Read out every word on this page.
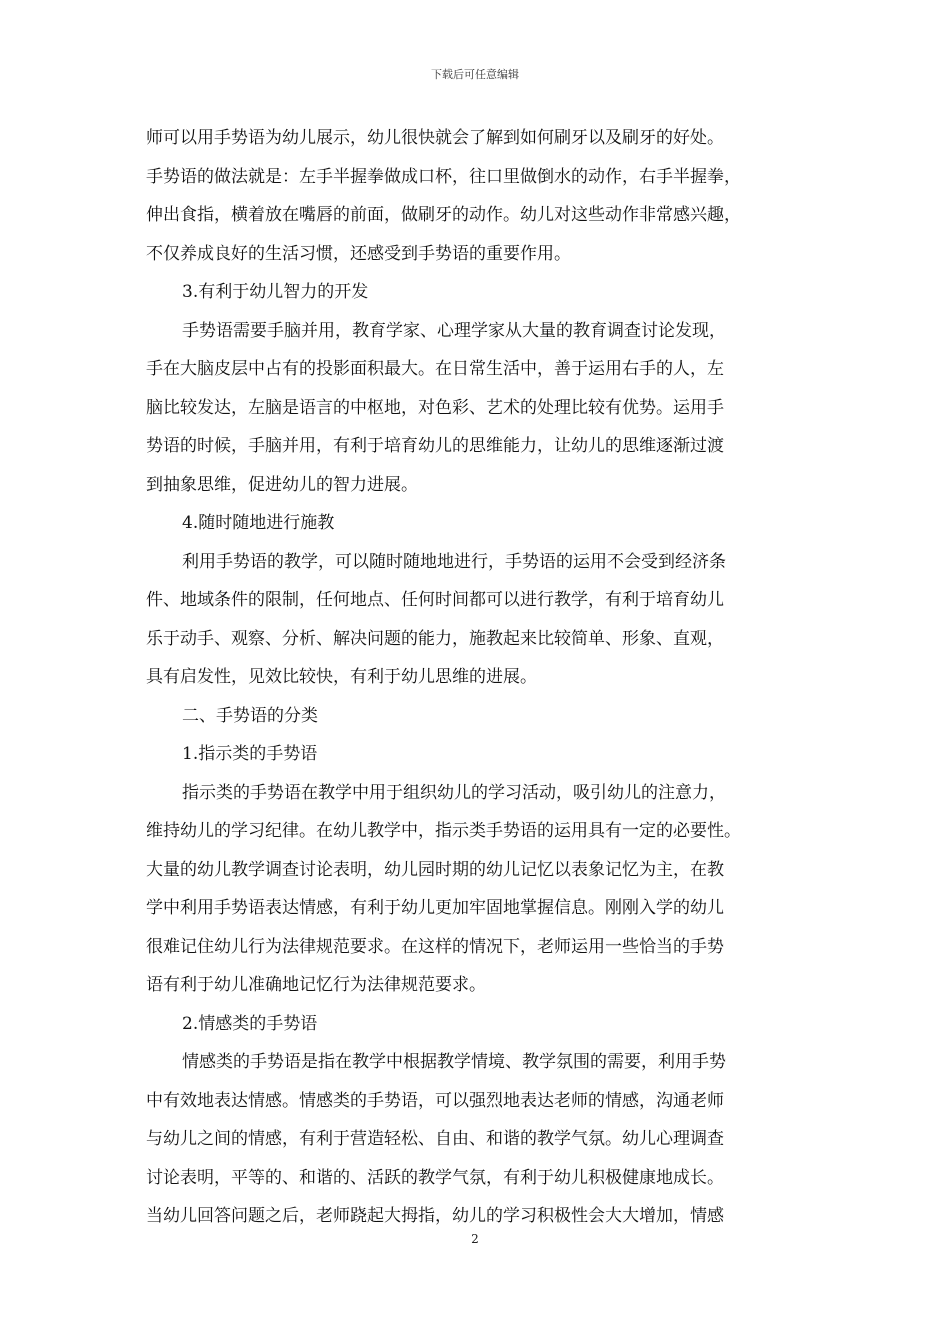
下载后可任意编辑
师可以用手势语为幼儿展示，幼儿很快就会了解到如何刷牙以及刷牙的好处。
手势语的做法就是：左手半握拳做成口杯，往口里做倒水的动作，右手半握拳，
伸出食指，横着放在嘴唇的前面，做刷牙的动作。幼儿对这些动作非常感兴趣，
不仅养成良好的生活习惯，还感受到手势语的重要作用。
3.有利于幼儿智力的开发
手势语需要手脑并用，教育学家、心理学家从大量的教育调查讨论发现，
手在大脑皮层中占有的投影面积最大。在日常生活中，善于运用右手的人，左
脑比较发达，左脑是语言的中枢地，对色彩、艺术的处理比较有优势。运用手
势语的时候，手脑并用，有利于培育幼儿的思维能力，让幼儿的思维逐渐过渡
到抽象思维，促进幼儿的智力进展。
4.随时随地进行施教
利用手势语的教学，可以随时随地地进行，手势语的运用不会受到经济条
件、地域条件的限制，任何地点、任何时间都可以进行教学，有利于培育幼儿
乐于动手、观察、分析、解决问题的能力，施教起来比较简单、形象、直观，
具有启发性，见效比较快，有利于幼儿思维的进展。
二、手势语的分类
1.指示类的手势语
指示类的手势语在教学中用于组织幼儿的学习活动，吸引幼儿的注意力，
维持幼儿的学习纪律。在幼儿教学中，指示类手势语的运用具有一定的必要性。
大量的幼儿教学调查讨论表明，幼儿园时期的幼儿记忆以表象记忆为主，在教
学中利用手势语表达情感，有利于幼儿更加牢固地掌握信息。刚刚入学的幼儿
很难记住幼儿行为法律规范要求。在这样的情况下，老师运用一些恰当的手势
语有利于幼儿准确地记忆行为法律规范要求。
2.情感类的手势语
情感类的手势语是指在教学中根据教学情境、教学氛围的需要，利用手势
中有效地表达情感。情感类的手势语，可以强烈地表达老师的情感，沟通老师
与幼儿之间的情感，有利于营造轻松、自由、和谐的教学气氛。幼儿心理调查
讨论表明，平等的、和谐的、活跃的教学气氛，有利于幼儿积极健康地成长。
当幼儿回答问题之后，老师跷起大拇指，幼儿的学习积极性会大大增加，情感
2
